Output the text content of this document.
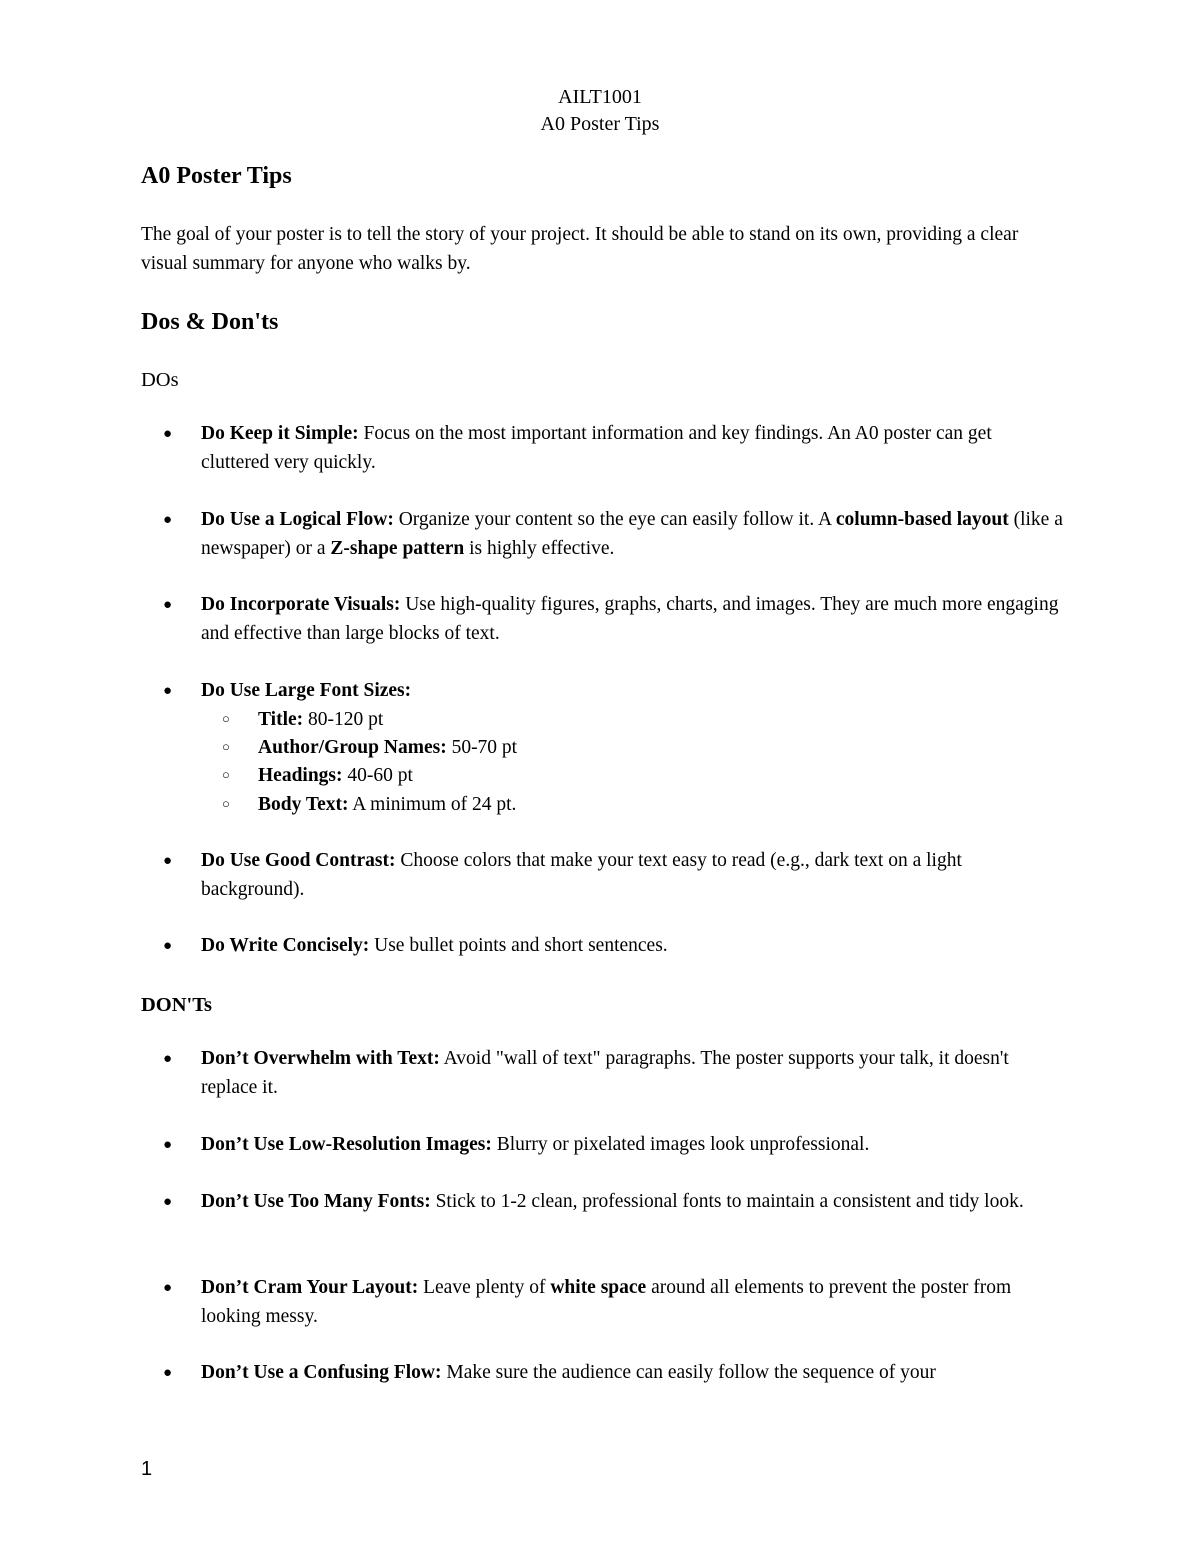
AILT1001
A0 Poster Tips
A0 Poster Tips
The goal of your poster is to tell the story of your project. It should be able to stand on its own, providing a clear visual summary for anyone who walks by.
Dos & Don'ts
DOs
●	Do Keep it Simple: Focus on the most important information and key findings. An A0 poster can get cluttered very quickly.
●	Do Use a Logical Flow: Organize your content so the eye can easily follow it. A column-based layout (like a newspaper) or a Z-shape pattern is highly effective.
●	Do Incorporate Visuals: Use high-quality figures, graphs, charts, and images. They are much more engaging and effective than large blocks of text.
●	Do Use Large Font Sizes:
○ Title: 80-120 pt
○ Author/Group Names: 50-70 pt
○ Headings: 40-60 pt
○ Body Text: A minimum of 24 pt.
●	Do Use Good Contrast: Choose colors that make your text easy to read (e.g., dark text on a light background).
●	Do Write Concisely: Use bullet points and short sentences.
DON'Ts
●	Don’t Overwhelm with Text: Avoid "wall of text" paragraphs. The poster supports your talk, it doesn't replace it.
●	Don’t Use Low-Resolution Images: Blurry or pixelated images look unprofessional.
●	Don’t Use Too Many Fonts: Stick to 1-2 clean, professional fonts to maintain a consistent and tidy look.
●	Don’t Cram Your Layout: Leave plenty of white space around all elements to prevent the poster from looking messy.
●	Don’t Use a Confusing Flow: Make sure the audience can easily follow the sequence of your
1
